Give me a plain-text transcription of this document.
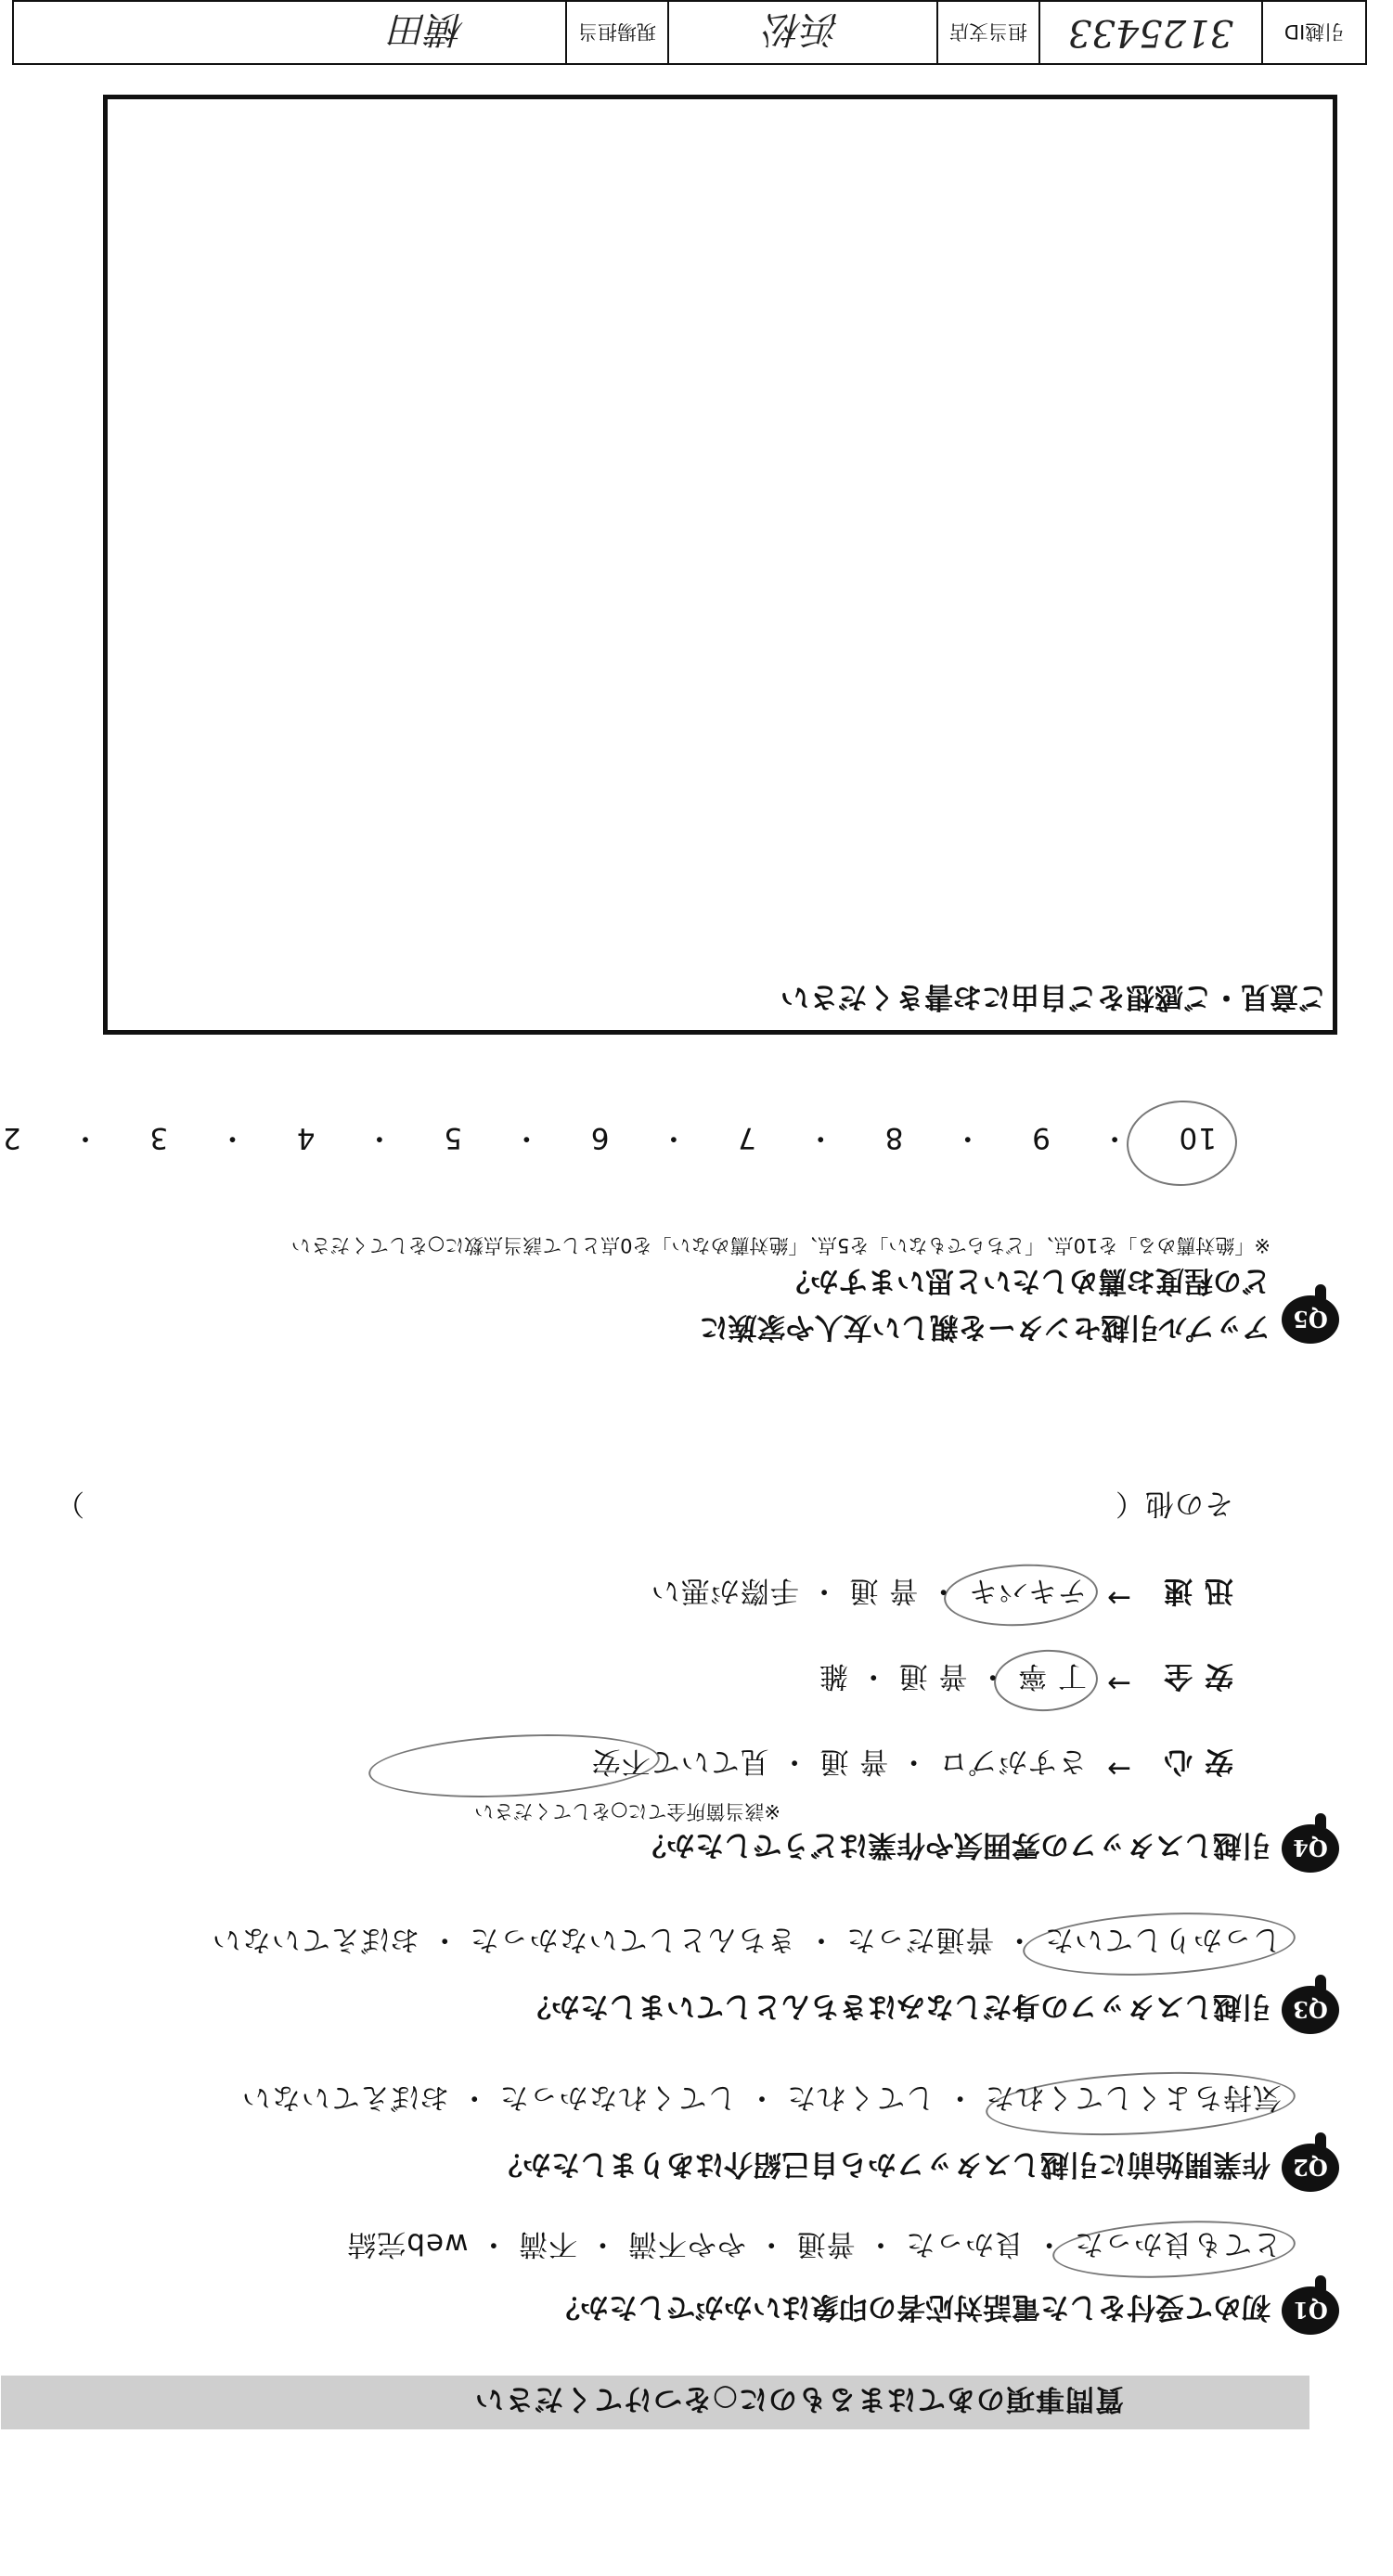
質問事項のあてはまるものに○をつけてください
Q1
初めて受付をした電話対応者の印象はいかがでしたか？
とても良かった ・ 良かった ・ 普通 ・ やや不満 ・ 不満 ・ web完結
Q2
作業開始前に引越しスタッフから自己紹介はありましたか？
気持ちよくしてくれた ・ してくれた ・ してくれなかった ・ おぼえていない
Q3
引越しスタッフの身だしなみはきちんとしていましたか？
しっかりしていた ・ 普通だった ・ きちんとしていなかった ・ おぼえていない
Q4
引越しスタッフの雰囲気や作業はどうでしたか？
※該当箇所全てに○をしてください
安 心
→
さすがプロ ・ 普 通 ・ 見ていて不安
安 全
→
丁 寧 ・ 普 通 ・ 雑
迅 速
→
テキパキ ・ 普 通 ・ 手際が悪い
その他（
）
Q5
アップル引越センターを親しい友人や家族に
どの程度お薦めしたいと思いますか？
※「絶対薦める」を10点、「どちらでもない」を5点、「絶対薦めない」を0点として該当点数に○をしてください
10 ・ 9 ・ 8 ・ 7 ・ 6 ・ 5 ・ 4 ・ 3 ・ 2
ご意見・ご感想をご自由にお書きください
引越ID
3125433
担当支店
浜松
現場担当
横田
